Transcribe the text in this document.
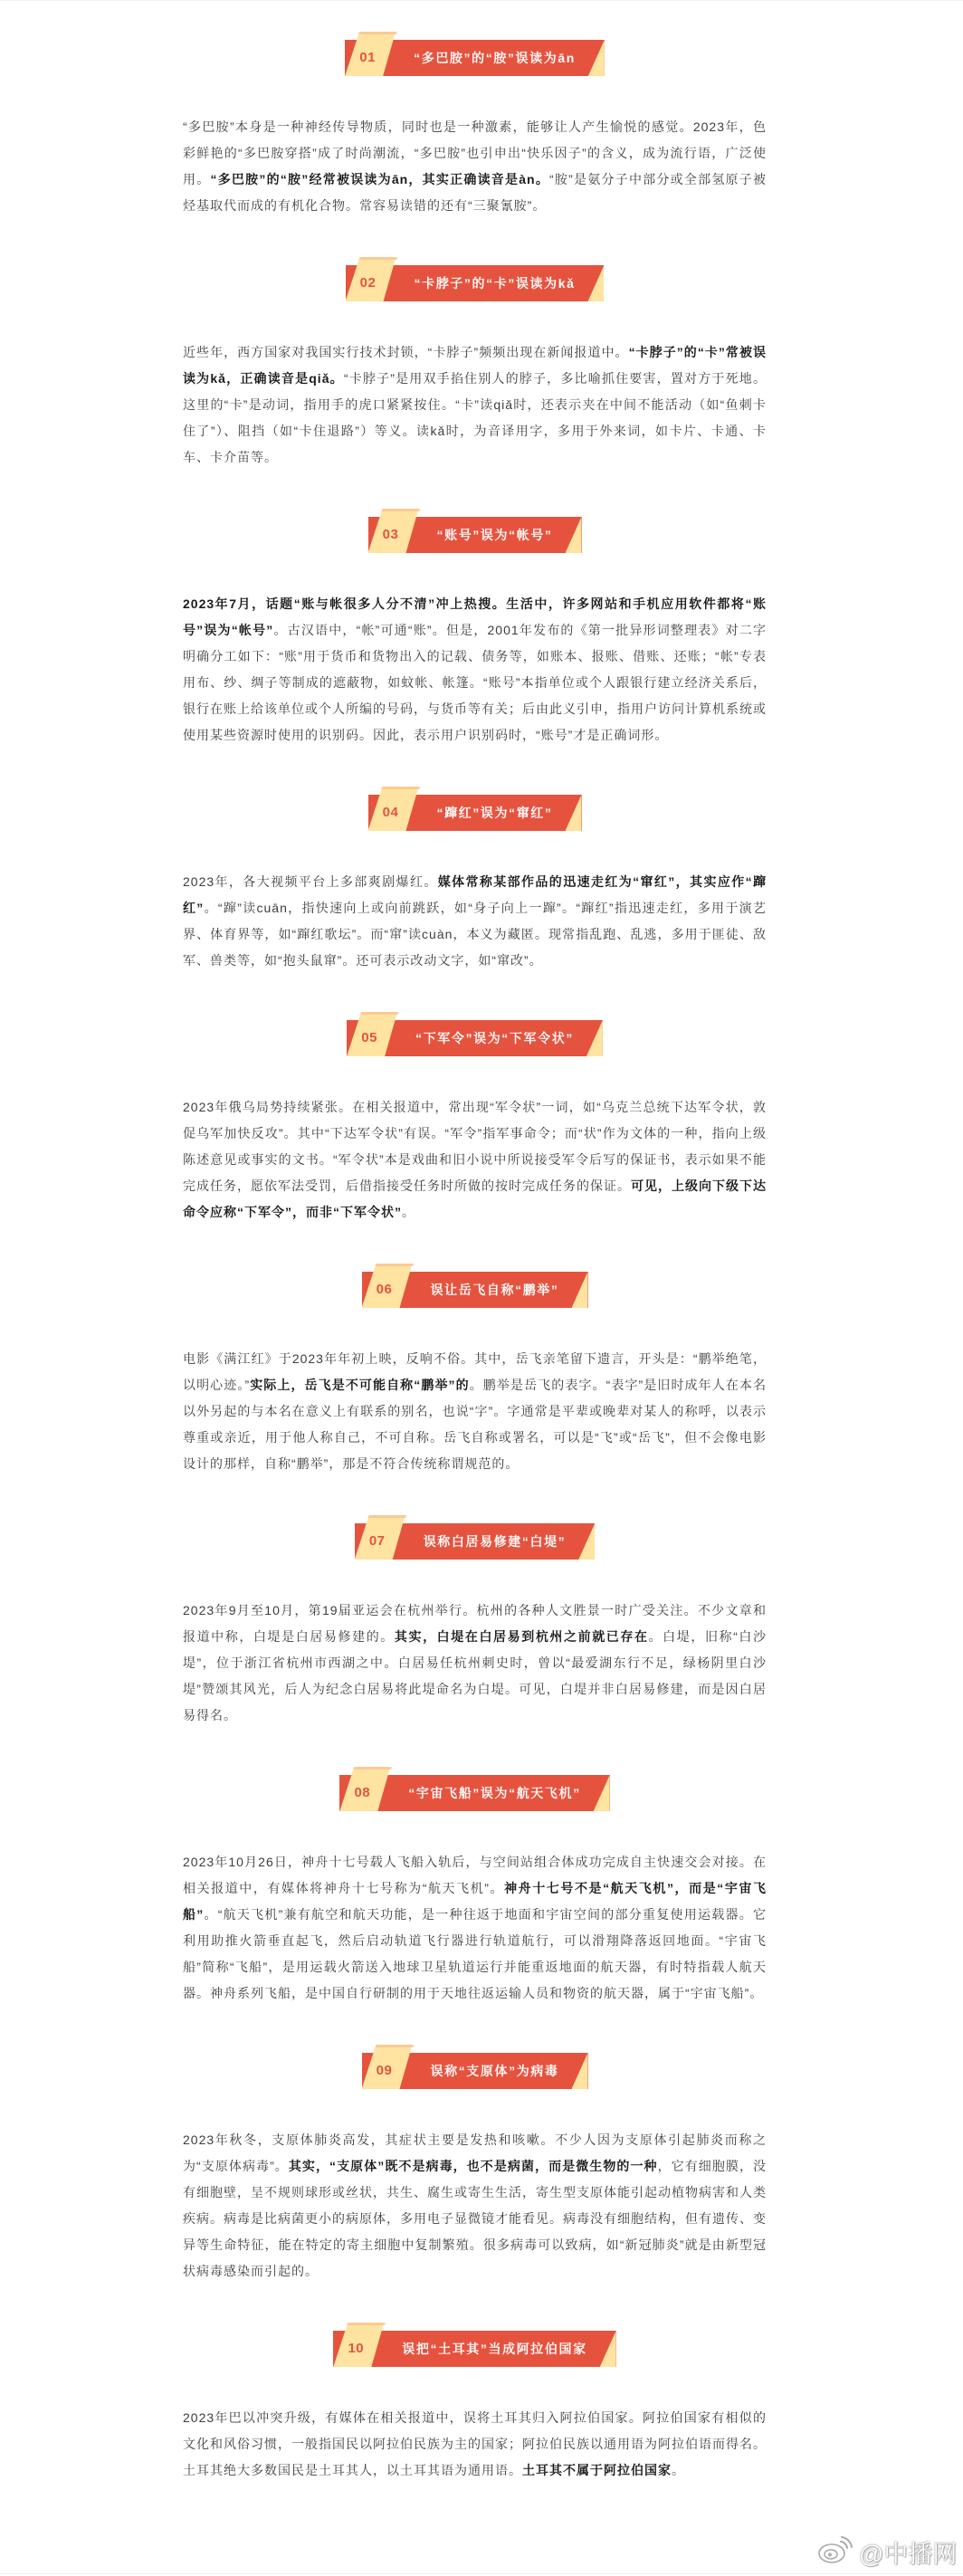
01	“多巴胺”的“胺”误读为ān

“多巴胺”本身是一种神经传导物质，同时也是一种激素，能够让人产生愉悦的感觉。2023年，色彩鲜艳的“多巴胺穿搭”成了时尚潮流，“多巴胺”也引申出“快乐因子”的含义，成为流行语，广泛使用。“多巴胺”的“胺”经常被误读为ān，其实正确读音是àn。“胺”是氨分子中部分或全部氢原子被烃基取代而成的有机化合物。常容易读错的还有“三聚氰胺”。

02	“卡脖子”的“卡”误读为kǎ

近些年，西方国家对我国实行技术封锁，“卡脖子”频频出现在新闻报道中。“卡脖子”的“卡”常被误读为kǎ，正确读音是qiǎ。“卡脖子”是用双手掐住别人的脖子，多比喻抓住要害，置对方于死地。这里的“卡”是动词，指用手的虎口紧紧按住。“卡”读qiǎ时，还表示夹在中间不能活动（如“鱼刺卡住了”）、阻挡（如“卡住退路”）等义。读kǎ时，为音译用字，多用于外来词，如卡片、卡通、卡车、卡介苗等。

03	“账号”误为“帐号”

2023年7月，话题“账与帐很多人分不清”冲上热搜。生活中，许多网站和手机应用软件都将“账号”误为“帐号”。古汉语中，“帐”可通“账”。但是，2001年发布的《第一批异形词整理表》对二字明确分工如下：“账”用于货币和货物出入的记载、债务等，如账本、报账、借账、还账；“帐”专表用布、纱、绸子等制成的遮蔽物，如蚊帐、帐篷。“账号”本指单位或个人跟银行建立经济关系后，银行在账上给该单位或个人所编的号码，与货币等有关；后由此义引申，指用户访问计算机系统或使用某些资源时使用的识别码。因此，表示用户识别码时，“账号”才是正确词形。

04	“蹿红”误为“窜红”

2023年，各大视频平台上多部爽剧爆红。媒体常称某部作品的迅速走红为“窜红”，其实应作“蹿红”。“蹿”读cuān，指快速向上或向前跳跃，如“身子向上一蹿”。“蹿红”指迅速走红，多用于演艺界、体育界等，如“蹿红歌坛”。而“窜”读cuàn，本义为藏匿。现常指乱跑、乱逃，多用于匪徒、敌军、兽类等，如“抱头鼠窜”。还可表示改动文字，如“窜改”。

05	“下军令”误为“下军令状”

2023年俄乌局势持续紧张。在相关报道中，常出现“军令状”一词，如“乌克兰总统下达军令状，敦促乌军加快反攻”。其中“下达军令状”有误。“军令”指军事命令；而“状”作为文体的一种，指向上级陈述意见或事实的文书。“军令状”本是戏曲和旧小说中所说接受军令后写的保证书，表示如果不能完成任务，愿依军法受罚，后借指接受任务时所做的按时完成任务的保证。可见，上级向下级下达命令应称“下军令”，而非“下军令状”。

06	误让岳飞自称“鹏举”

电影《满江红》于2023年年初上映，反响不俗。其中，岳飞亲笔留下遗言，开头是：“鹏举绝笔，以明心迹。”实际上，岳飞是不可能自称“鹏举”的。鹏举是岳飞的表字。“表字”是旧时成年人在本名以外另起的与本名在意义上有联系的别名，也说“字”。字通常是平辈或晚辈对某人的称呼，以表示尊重或亲近，用于他人称自己，不可自称。岳飞自称或署名，可以是“飞”或“岳飞”，但不会像电影设计的那样，自称“鹏举”，那是不符合传统称谓规范的。

07	误称白居易修建“白堤”

2023年9月至10月，第19届亚运会在杭州举行。杭州的各种人文胜景一时广受关注。不少文章和报道中称，白堤是白居易修建的。其实，白堤在白居易到杭州之前就已存在。白堤，旧称“白沙堤”，位于浙江省杭州市西湖之中。白居易任杭州刺史时，曾以“最爱湖东行不足，绿杨阴里白沙堤”赞颂其风光，后人为纪念白居易将此堤命名为白堤。可见，白堤并非白居易修建，而是因白居易得名。

08	“宇宙飞船”误为“航天飞机”

2023年10月26日，神舟十七号载人飞船入轨后，与空间站组合体成功完成自主快速交会对接。在相关报道中，有媒体将神舟十七号称为“航天飞机”。神舟十七号不是“航天飞机”，而是“宇宙飞船”。“航天飞机”兼有航空和航天功能，是一种往返于地面和宇宙空间的部分重复使用运载器。它利用助推火箭垂直起飞，然后启动轨道飞行器进行轨道航行，可以滑翔降落返回地面。“宇宙飞船”简称“飞船”，是用运载火箭送入地球卫星轨道运行并能重返地面的航天器，有时特指载人航天器。神舟系列飞船，是中国自行研制的用于天地往返运输人员和物资的航天器，属于“宇宙飞船”。

09	误称“支原体”为病毒

2023年秋冬，支原体肺炎高发，其症状主要是发热和咳嗽。不少人因为支原体引起肺炎而称之为“支原体病毒”。其实，“支原体”既不是病毒，也不是病菌，而是微生物的一种，它有细胞膜，没有细胞壁，呈不规则球形或丝状，共生、腐生或寄生生活，寄生型支原体能引起动植物病害和人类疾病。病毒是比病菌更小的病原体，多用电子显微镜才能看见。病毒没有细胞结构，但有遗传、变异等生命特征，能在特定的寄主细胞中复制繁殖。很多病毒可以致病，如“新冠肺炎”就是由新型冠状病毒感染而引起的。

10	误把“土耳其”当成阿拉伯国家

2023年巴以冲突升级，有媒体在相关报道中，误将土耳其归入阿拉伯国家。阿拉伯国家有相似的文化和风俗习惯，一般指国民以阿拉伯民族为主的国家；阿拉伯民族以通用语为阿拉伯语而得名。土耳其绝大多数国民是土耳其人，以土耳其语为通用语。土耳其不属于阿拉伯国家。

@中播网
